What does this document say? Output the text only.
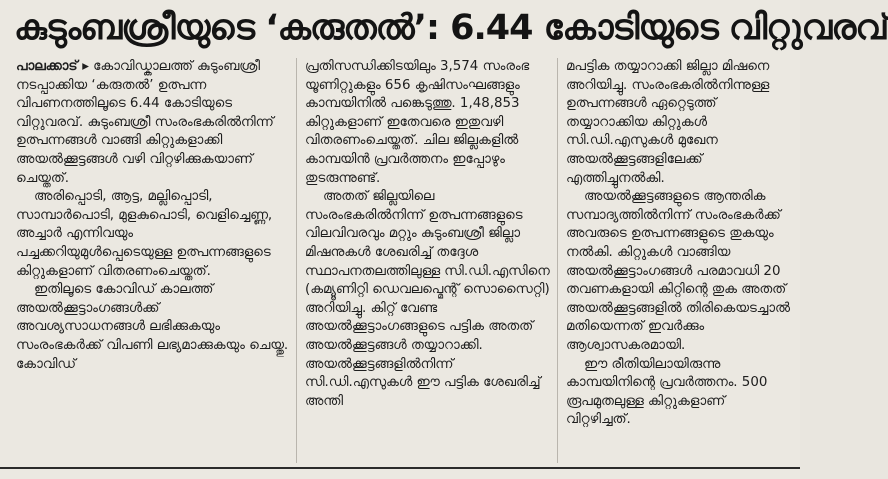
കുടുംബശ്രീയുടെ ‘കരുതൽ’: 6.44 കോടിയുടെ വിറ്റുവരവ്

പാലക്കാട് ▸ കോവിഡ്കാലത്ത് കുടുംബശ്രീ നടപ്പാക്കിയ ‘കരുതൽ’ ഉത്പന്ന വിപണനത്തിലൂടെ 6.44 കോടിയുടെ വിറ്റുവരവ്. കുടുംബശ്രീ സംരംഭകരിൽനിന്ന് ഉത്പന്നങ്ങൾ വാങ്ങി കിറ്റുകളാക്കി അയൽക്കൂട്ടങ്ങൾ വഴി വിറ്റഴിക്കുകയാണ് ചെയ്തത്.

അരിപ്പൊടി, ആട്ട, മല്ലിപ്പൊടി, സാമ്പാർപൊടി, മുളകുപൊടി, വെളിച്ചെണ്ണ, അച്ചാർ എന്നിവയും പച്ചക്കറിയുമുൾപ്പെടെയുള്ള ഉത്പന്നങ്ങളുടെ കിറ്റുകളാണ് വിതരണംചെയ്തത്.

ഇതിലൂടെ കോവിഡ് കാലത്ത് അയൽക്കൂട്ടാംഗങ്ങൾക്ക് അവശ്യസാധനങ്ങൾ ലഭിക്കുകയും സംരംഭകർക്ക് വിപണി ലഭ്യമാക്കുകയും ചെയ്തു. കോവിഡ്

പ്രതിസന്ധിക്കിടയിലും 3,574 സംരംഭ യൂണിറ്റുകളും 656 കൃഷിസംഘങ്ങളും കാമ്പയിനിൽ പങ്കെടുത്തു. 1,48,853 കിറ്റുകളാണ് ഇതേവരെ ഇതുവഴി വിതരണംചെയ്തത്. ചില ജില്ലകളിൽ കാമ്പയിൻ പ്രവർത്തനം ഇപ്പോഴും തുടരുന്നുണ്ട്.

അതത് ജില്ലയിലെ സംരംഭകരിൽനിന്ന് ഉത്പന്നങ്ങളുടെ വിലവിവരവും മറ്റും കുടുംബശ്രീ ജില്ലാ മിഷനുകൾ ശേഖരിച്ച് തദ്ദേശ സ്ഥാപനതലത്തിലുള്ള സി.ഡി.എസിനെ (കമ്യൂണിറ്റി ഡെവലപ്മെന്റ് സൊസൈറ്റി) അറിയിച്ചു. കിറ്റ് വേണ്ട അയൽക്കൂട്ടാംഗങ്ങളുടെ പട്ടിക അതത് അയൽക്കൂട്ടങ്ങൾ തയ്യാറാക്കി. അയൽക്കൂട്ടങ്ങളിൽനിന്ന് സി.ഡി.എസുകൾ ഈ പട്ടിക ശേഖരിച്ച് അന്തി

മപട്ടിക തയ്യാറാക്കി ജില്ലാ മിഷനെ അറിയിച്ചു. സംരംഭകരിൽനിന്നുള്ള ഉത്പന്നങ്ങൾ ഏറ്റെടുത്ത് തയ്യാറാക്കിയ കിറ്റുകൾ സി.ഡി.എസുകൾ മുഖേന അയൽക്കൂട്ടങ്ങളിലേക്ക് എത്തിച്ചുനൽകി.

അയൽക്കൂട്ടങ്ങളുടെ ആന്തരിക സമ്പാദ്യത്തിൽനിന്ന് സംരംഭകർക്ക് അവരുടെ ഉത്പന്നങ്ങളുടെ തുകയും നൽകി. കിറ്റുകൾ വാങ്ങിയ അയൽക്കൂട്ടാംഗങ്ങൾ പരമാവധി 20 തവണകളായി കിറ്റിന്റെ തുക അതത് അയൽക്കൂട്ടങ്ങളിൽ തിരികെയടച്ചാൽ മതിയെന്നത് ഇവർക്കും ആശ്വാസകരമായി.

ഈ രീതിയിലായിരുന്നു കാമ്പയിനിന്റെ പ്രവർത്തനം. 500 രൂപമുതലുള്ള കിറ്റുകളാണ് വിറ്റഴിച്ചത്.
